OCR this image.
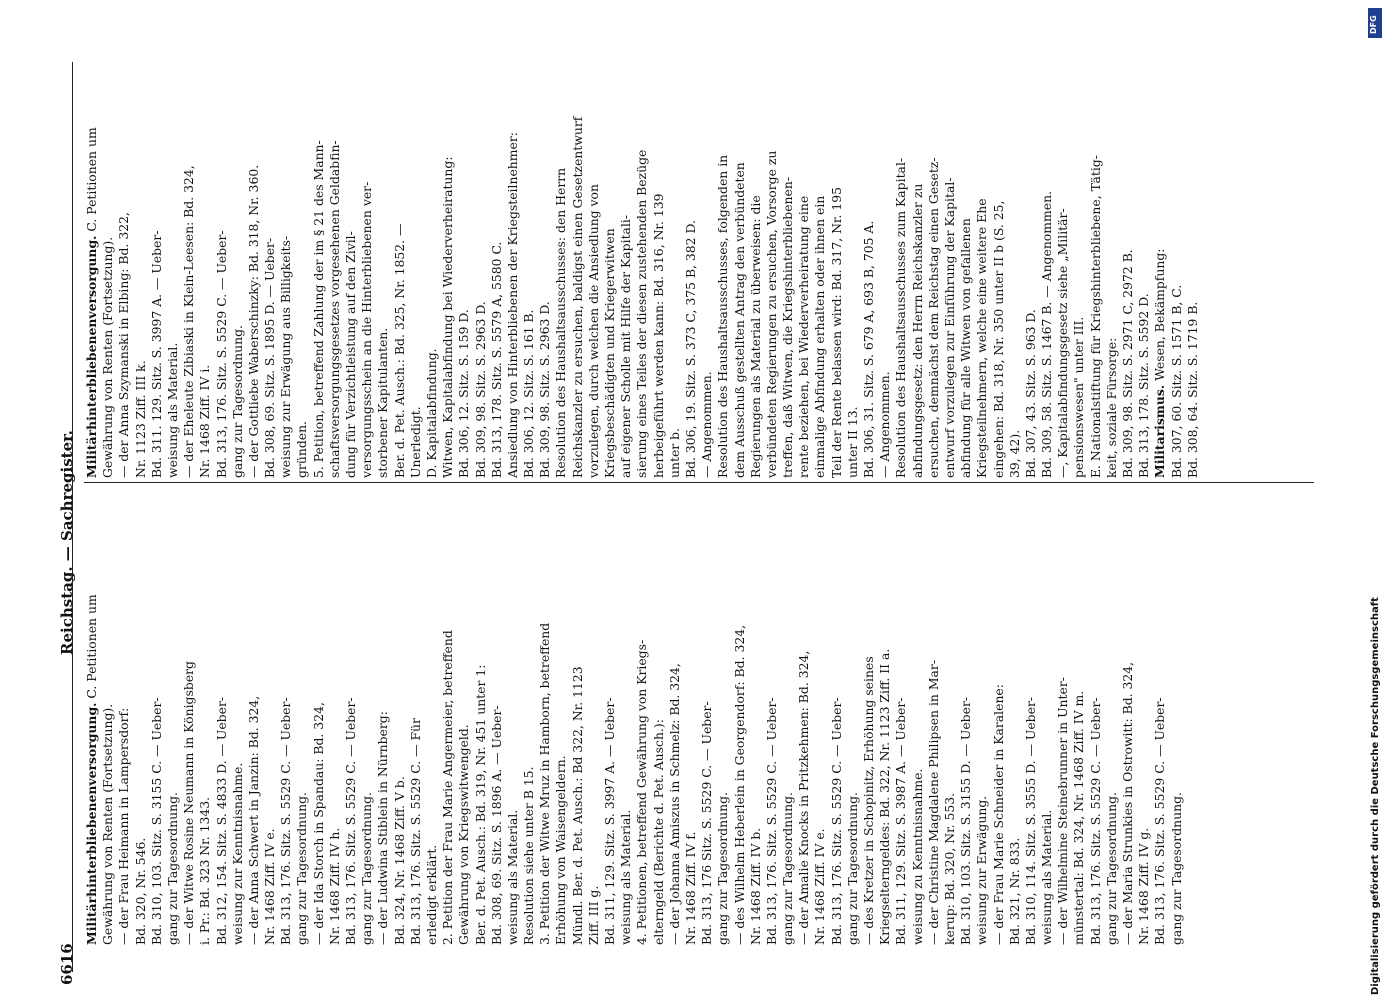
6616
Reichstag. — Sachregister.
Militärhinterbliebenenversorgung. C. Petitionen um
Gewährung von Renten (Fortsetzung). — der Frau Heimann in Lampersdorf: Bd. 320, Nr. 546. Bd. 310, 103. Sitz. S. 3155 C. — Ueber- gang zur Tagesordnung. — der Witwe Rosine Neumann in Königsberg i. Pr.: Bd. 323 Nr. 1343. Bd. 312, 154. Sitz. S. 4833 D. — Ueber- weisung zur Kenntnisnahme. — der Anna Schwert in Janzin: Bd. 324, Nr. 1468 Ziff. IV e. Bd. 313, 176. Sitz. S. 5529 C. — Ueber- gang zur Tagesordnung. — der Ida Storch in Spandau: Bd. 324, Nr. 1468 Ziff. IV h. Bd. 313, 176. Sitz. S. 5529 C. — Ueber- gang zur Tagesordnung. — der Ludwina Stiblein in Nürnberg: Bd. 324, Nr. 1468 Ziff. V b. Bd. 313, 176. Sitz. S. 5529 C. — Für erledigt erklärt. 2. Petition der Frau Marie Angermeier, betreffend Gewährung von Kriegswitwengeld. Ber. d. Pet. Ausch.: Bd. 319, Nr. 451 unter 1: Bd. 308, 69. Sitz. S. 1896 A. — Ueber- weisung als Material. Resolution siehe unter B 15. 3. Petition der Witwe Mruz in Hamborn, betreffend Erhöhung von Waisengeldern. Mündl. Ber. d. Pet. Ausch.: Bd 322, Nr. 1123 Ziff. III g. Bd. 311, 129. Sitz. S. 3997 A. — Ueber- weisung als Material. 4. Petitionen, betreffend Gewährung von Kriegs- elterngeld (Berichte d. Pet. Ausch.): — der Johanna Amiszus in Schmelz: Bd. 324, Nr. 1468 Ziff. IV f. Bd. 313, 176 Sitz. S. 5529 C. — Ueber- gang zur Tagesordnung. — des Wilhelm Heberlein in Georgendorf: Bd. 324, Nr. 1468 Ziff. IV b. Bd. 313, 176. Sitz. S. 5529 C. — Ueber- gang zur Tagesordnung. — der Amalie Knocks in Pritzkehmen: Bd. 324, Nr. 1468 Ziff. IV e. Bd. 313, 176. Sitz. S. 5529 C. — Ueber- gang zur Tagesordnung. — des Kretzer in Schopinitz, Erhöhung seines Kriegselterngeldes: Bd. 322, Nr. 1123 Ziff. II a. Bd. 311, 129. Sitz. S. 3987 A. — Ueber- weisung zu Kenntnisnahme. — der Christine Magdalene Philipsen in Mar- kerup: Bd. 320, Nr. 553. Bd. 310, 103. Sitz. S. 3155 D. — Ueber- weisung zur Erwägung. — der Frau Marie Schneider in Karalene: Bd. 321, Nr. 833. Bd. 310, 114. Sitz. S. 3555 D. — Ueber- weisung als Material. — der Wilhelmine Steinebrunner in Unter- münstertal: Bd. 324, Nr. 1468 Ziff. IV m. Bd. 313, 176. Sitz. S. 5529 C. — Ueber- gang zur Tagesordnung. — der Maria Strunkies in Ostrowitt: Bd. 324, Nr. 1468 Ziff. IV g. Bd. 313, 176. Sitz. S. 5529 C. — Ueber- gang zur Tagesordnung.
Militärhinterbliebenenversorgung. C. Petitionen um
Gewährung von Renten (Fortsetzung). — der Anna Szymanski in Elbing: Bd. 322, Nr. 1123 Ziff. III k. Bd. 311. 129. Sitz. S. 3997 A. — Ueber- weisung als Material. — der Eheleute Zibiaski in Klein-Leesen: Bd. 324, Nr. 1468 Ziff. IV i. Bd. 313, 176. Sitz. S. 5529 C. — Ueber- gang zur Tagesordnung. — der Gottliebe Waberschinzky: Bd. 318, Nr. 360. Bd. 308, 69. Sitz. S. 1895 D. — Ueber- weisung zur Erwägung aus Billigkeits- gründen. 5. Petition, betreffend Zahlung der im § 21 des Mann- schaftsversorgungsgesetzes vorgesehenen Geldabfin- dung für Verzichtleistung auf den Zivil- versorgungsschein an die Hinterbliebenen ver- storbener Kapitulanten. Ber. d. Pet. Ausch.: Bd. 325, Nr. 1852. — Unerledigt. D. Kapitalabfindung. Witwen, Kapitalabfindung bei Wiederverheiratung: Bd. 306, 12. Sitz. S. 159 D. Bd. 309, 98. Sitz. S. 2963 D. Bd. 313, 178. Sitz. S. 5579 A, 5580 C. Ansiedlung von Hinterbliebenen der Kriegsteilnehmer: Bd. 306, 12. Sitz. S. 161 B. Bd. 309, 98. Sitz. S. 2963 D. Resolution des Haushaltsausschusses: den Herrn Reichskanzler zu ersuchen, baldigst einen Gesetzentwurf vorzulegen, durch welchen die Ansiedlung von Kriegsbeschädigten und Kriegerwitwen auf eigener Scholle mit Hilfe der Kapitali- sierung eines Teiles der diesen zustehenden Bezüge herbeigeführt werden kann: Bd. 316, Nr. 139 unter b. Bd. 306, 19. Sitz. S. 373 C, 375 B, 382 D. — Angenommen. Resolution des Haushaltsausschusses, folgenden in dem Ausschuß gestellten Antrag den verbündeten Regierungen als Material zu überweisen: die verbündeten Regierungen zu ersuchen, Vorsorge zu treffen, daß Witwen, die Kriegshinterbliebenen- rente beziehen, bei Wiederverheiratung eine einmalige Abfindung erhalten oder ihnen ein Teil der Rente belassen wird: Bd. 317, Nr. 195 unter II 13. Bd. 306, 31. Sitz. S. 679 A, 693 B, 705 A. — Angenommen. Resolution des Haushaltsausschusses zum Kapital- abfindungsgesetz: den Herrn Reichskanzler zu ersuchen, demnächst dem Reichstag einen Gesetz- entwurf vorzulegen zur Einführung der Kapital- abfindung für alle Witwen von gefallenen Kriegsteilnehmern, welche eine weitere Ehe eingehen: Bd. 318, Nr. 350 unter II b (S. 25, 39, 42). Bd. 307, 43. Sitz. S. 963 D. Bd. 309, 58. Sitz. S. 1467 B. — Angenommen. —, Kapitalabfindungsgesetz siehe „Militär- pensionswesen" unter III. E. Nationalstiftung für Kriegshinterbliebene, Tätig- keit, soziale Fürsorge: Bd. 309, 98. Sitz. S. 2971 C, 2972 B. Bd. 313, 178. Sitz. S. 5592 D. Militarismus. Wesen, Bekämpfung: Bd. 307, 60. Sitz. S. 1571 B, C. Bd. 308, 64. Sitz. S. 1719 B.
Digitalisierung gefördert durch die Deutsche Forschungsgemeinschaft
DFG
